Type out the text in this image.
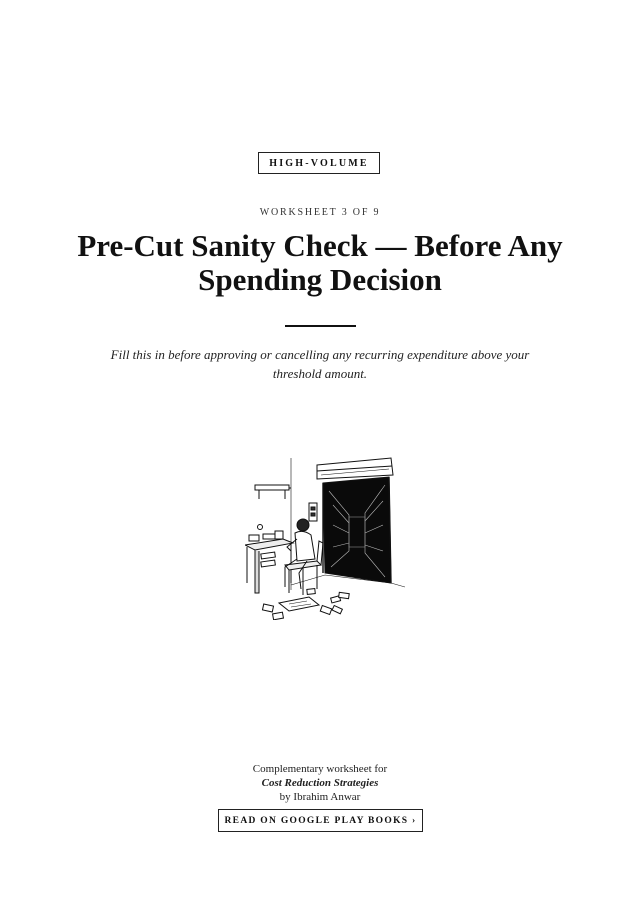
HIGH-VOLUME
WORKSHEET 3 OF 9
Pre-Cut Sanity Check — Before Any Spending Decision

Fill this in before approving or cancelling any recurring expenditure above your threshold amount.

Complementary worksheet for
Cost Reduction Strategies
by Ibrahim Anwar
READ ON GOOGLE PLAY BOOKS ›
